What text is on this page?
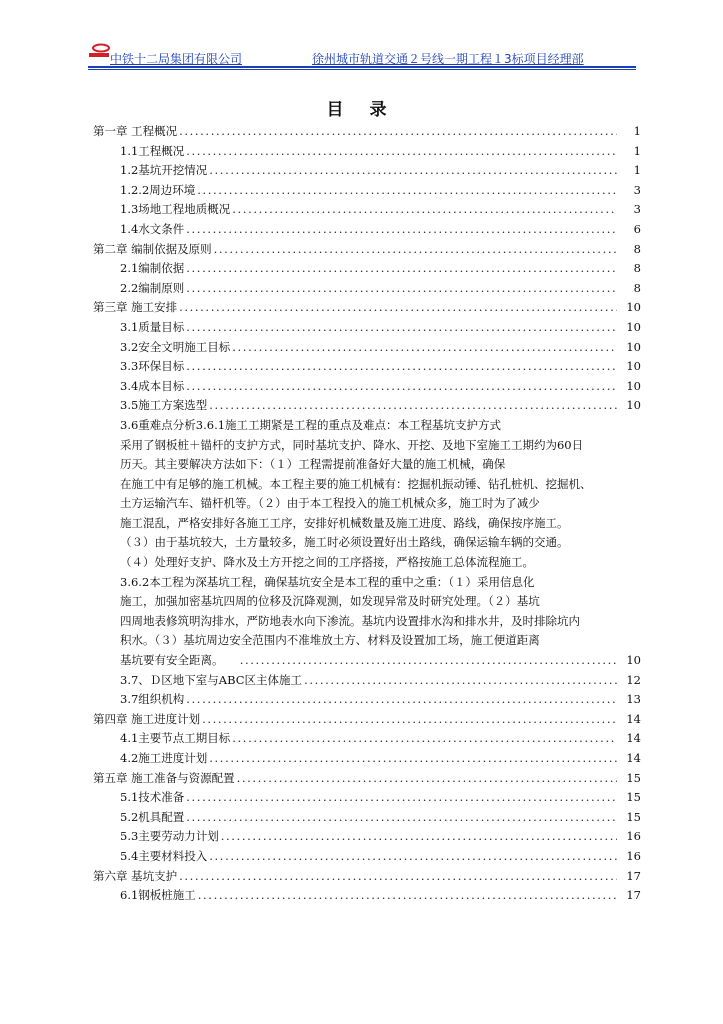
中铁十二局集团有限公司	徐州城市轨道交通２号线一期工程１3标项目经理部
目 录
第一章 工程概况 .....	1
1.1工程概况 .....	1
1.2基坑开挖情况 .....	1
1.2.2周边环境 .....	3
1.3场地工程地质概况 .....	3
1.4水文条件 .....	6
第二章 编制依据及原则 .....	8
2.1编制依据 .....	8
2.2编制原则 .....	8
第三章 施工安排 .....	10
3.1质量目标 .....	10
3.2安全文明施工目标 .....	10
3.3环保目标 .....	10
3.4成本目标 .....	10
3.5施工方案选型 .....	10
3.6重难点分析3.6.1施工工期紧是工程的重点及难点：本工程基坑支护方式
采用了钢板桩＋锚杆的支护方式，同时基坑支护、降水、开挖、及地下室施工工期约为60日
历天。其主要解决方法如下：（１）工程需提前准备好大量的施工机械，确保
在施工中有足够的施工机械。本工程主要的施工机械有：挖掘机振动锤、钻孔桩机、挖掘机、
土方运输汽车、锚杆机等。（２）由于本工程投入的施工机械众多，施工时为了减少
施工混乱，严格安排好各施工工序，安排好机械数量及施工进度、路线，确保按序施工。
（３）由于基坑较大，土方量较多，施工时必须设置好出土路线，确保运输车辆的交通。
（４）处理好支护、降水及土方开挖之间的工序搭接，严格按施工总体流程施工。
3.6.2本工程为深基坑工程，确保基坑安全是本工程的重中之重：（１）采用信息化
施工，加强加密基坑四周的位移及沉降观测，如发现异常及时研究处理。（２）基坑
四周地表修筑明沟排水，严防地表水向下渗流。基坑内设置排水沟和排水井，及时排除坑内
积水。（３）基坑周边安全范围内不准堆放土方、材料及设置加工场，施工便道距离
基坑要有安全距离。 .....	10
3.7、Ｄ区地下室与ABC区主体施工 .....	12
3.7组织机构 .....	13
第四章 施工进度计划 .....	14
4.1主要节点工期目标 .....	14
4.2施工进度计划 .....	14
第五章 施工准备与资源配置 .....	15
5.1技术准备 .....	15
5.2机具配置 .....	15
5.3主要劳动力计划 .....	16
5.4主要材料投入 .....	16
第六章 基坑支护 .....	17
6.1钢板桩施工 .....	17
